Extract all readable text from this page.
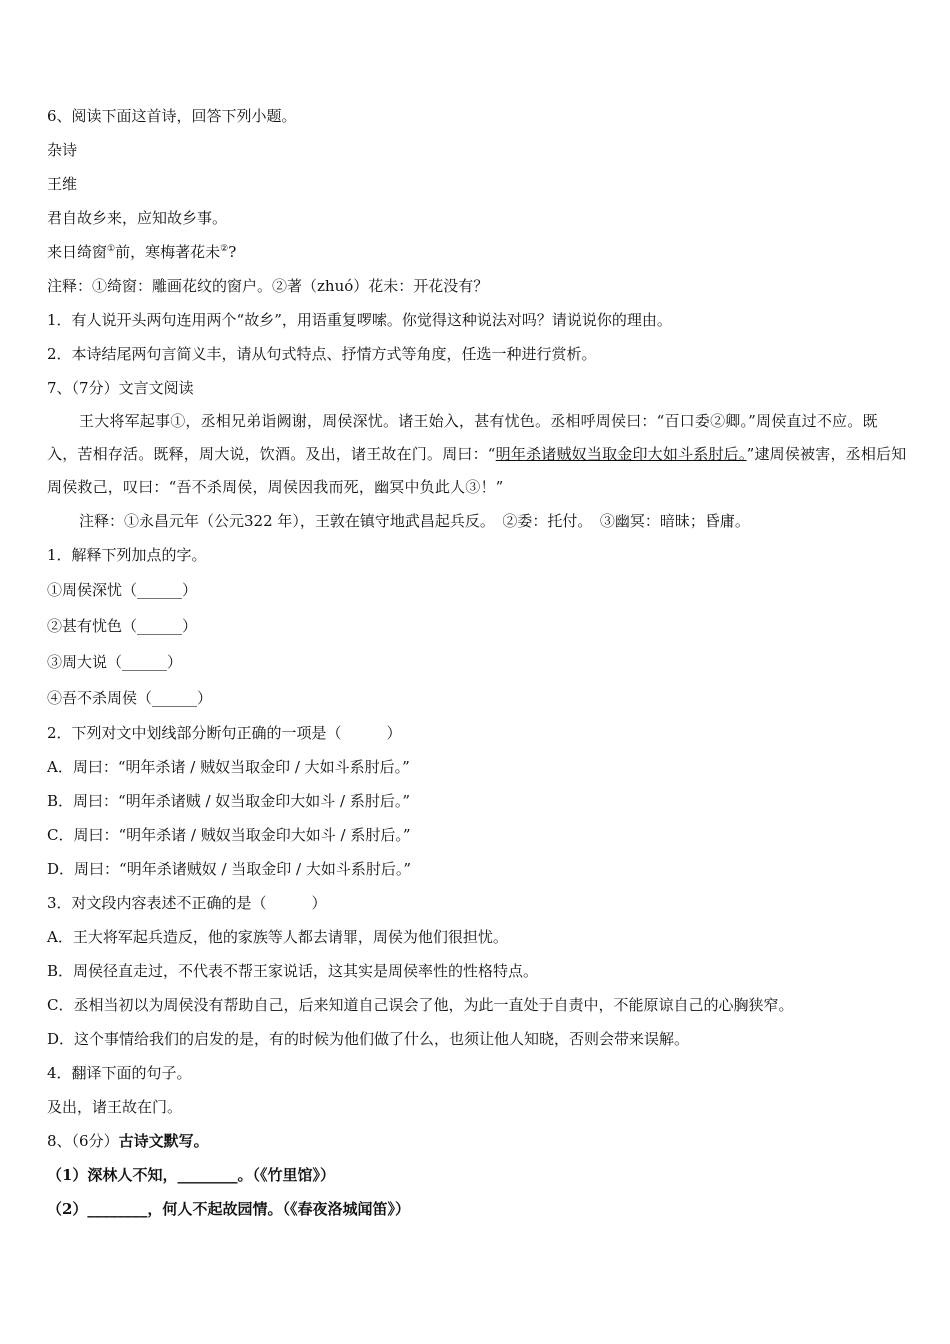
6、阅读下面这首诗，回答下列小题。
杂诗
王维
君自故乡来，应知故乡事。
来日绮窗①前，寒梅著花未②?
注释：①绮窗：雕画花纹的窗户。②著（zhuó）花未：开花没有？
1．有人说开头两句连用两个“故乡”，用语重复啰嗦。你觉得这种说法对吗？请说说你的理由。
2．本诗结尾两句言简义丰，请从句式特点、抒情方式等角度，任选一种进行赏析。
7、（7分）文言文阅读
王大将军起事①，丞相兄弟诣阙谢，周侯深忧。诸王始入，甚有忧色。丞相呼周侯曰：“百口委②卿。”周侯直过不应。既入，苦相存活。既释，周大说，饮酒。及出，诸王故在门。周曰：“明年杀诸贼奴当取金印大如斗系肘后。”逮周侯被害，丞相后知周侯救己，叹曰：“吾不杀周侯，周侯因我而死，幽冥中负此人③！”
注释：①永昌元年（公元322 年），王敦在镇守地武昌起兵反。　②委：托付。　③幽冥：暗昧；昏庸。
1．解释下列加点的字。
①周侯深忧（______）
②甚有忧色（______）
③周大说（______）
④吾不杀周侯（______）
2．下列对文中划线部分断句正确的一项是（　　　）
A．周曰：“明年杀诸 / 贼奴当取金印 / 大如斗系肘后。”
B．周曰：“明年杀诸贼 / 奴当取金印大如斗 / 系肘后。”
C．周曰：“明年杀诸 / 贼奴当取金印大如斗 / 系肘后。”
D．周曰：“明年杀诸贼奴 / 当取金印 / 大如斗系肘后。”
3．对文段内容表述不正确的是（　　　）
A．王大将军起兵造反，他的家族等人都去请罪，周侯为他们很担忧。
B．周侯径直走过，不代表不帮王家说话，这其实是周侯率性的性格特点。
C．丞相当初以为周侯没有帮助自己，后来知道自己误会了他，为此一直处于自责中，不能原谅自己的心胸狭窄。
D．这个事情给我们的启发的是，有的时候为他们做了什么，也须让他人知晓，否则会带来误解。
4．翻译下面的句子。
及出，诸王故在门。
8、（6分）古诗文默写。
（1）深林人不知，________。（《竹里馆》）
（2）________，何人不起故园情。（《春夜洛城闻笛》）
